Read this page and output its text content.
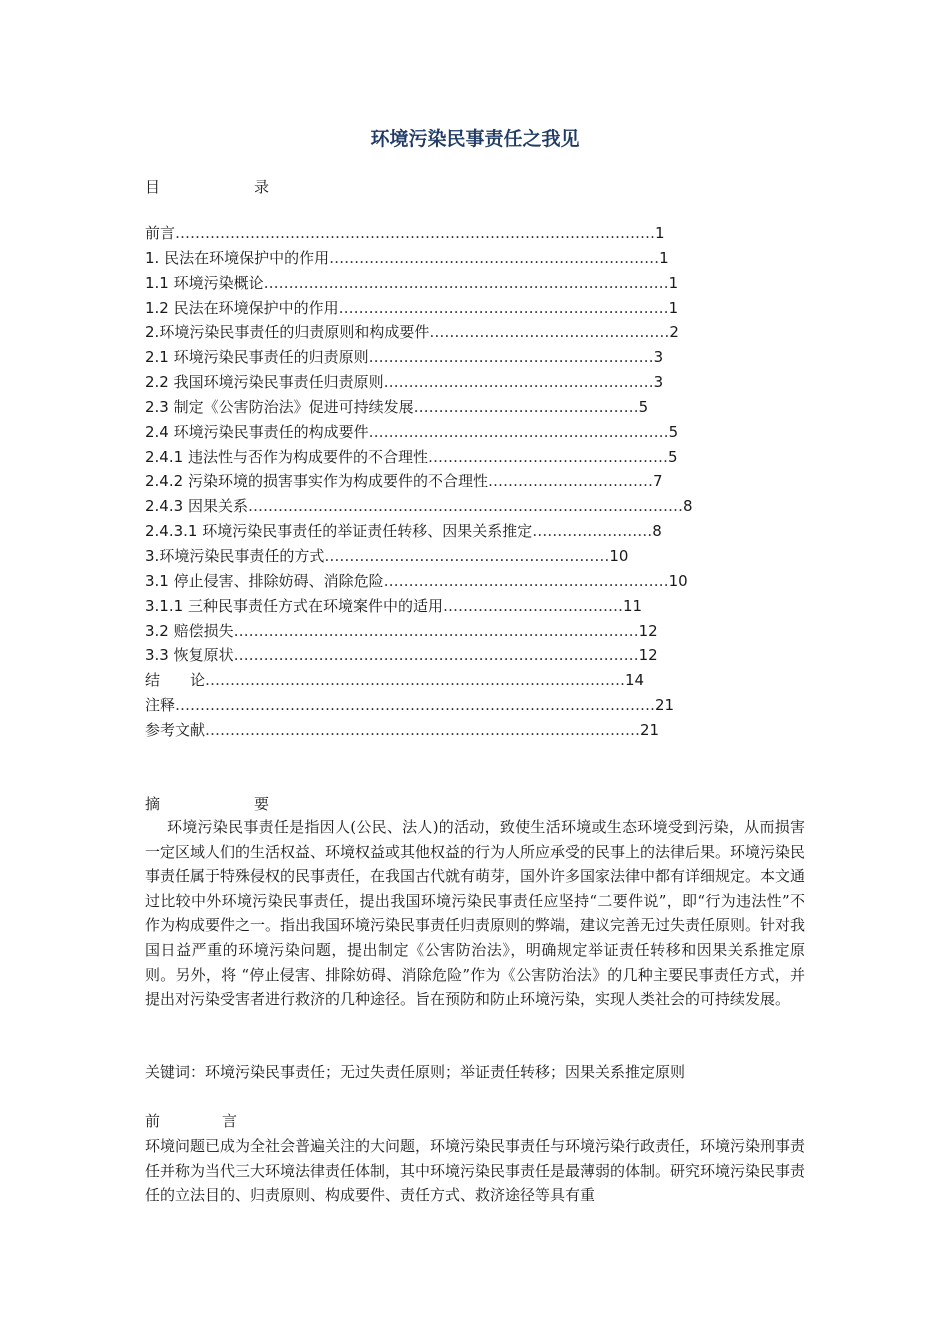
环境污染民事责任之我见
目	录
前言……………………………………………………………………………………1
1. 民法在环境保护中的作用…………………………………………………………1
1.1 环境污染概论………………………………………………………………………1
1.2 民法在环境保护中的作用…………………………………………………………1
2.环境污染民事责任的归责原则和构成要件…………………………………………2
2.1 环境污染民事责任的归责原则…………………………………………………3
2.2 我国环境污染民事责任归责原则………………………………………………3
2.3 制定《公害防治法》促进可持续发展………………………………………5
2.4 环境污染民事责任的构成要件……………………………………………………5
2.4.1 违法性与否作为构成要件的不合理性…………………………………………5
2.4.2 污染环境的损害事实作为构成要件的不合理性……………………………7
2.4.3 因果关系……………………………………………………………………………8
2.4.3.1 环境污染民事责任的举证责任转移、因果关系推定……………………8
3.环境污染民事责任的方式…………………………………………………10
3.1 停止侵害、排除妨碍、消除危险…………………………………………………10
3.1.1 三种民事责任方式在环境案件中的适用………………………………11
3.2 赔偿损失………………………………………………………………………12
3.3 恢复原状………………………………………………………………………12
结　　论…………………………………………………………………………14
注释……………………………………………………………………………………21
参考文献……………………………………………………………………………21
摘	要

环境污染民事责任是指因人(公民、法人)的活动，致使生活环境或生态环境受到污染，从而损害一定区域人们的生活权益、环境权益或其他权益的行为人所应承受的民事上的法律后果。环境污染民事责任属于特殊侵权的民事责任，在我国古代就有萌芽，国外许多国家法律中都有详细规定。本文通过比较中外环境污染民事责任，提出我国环境污染民事责任应坚持“二要件说”，即“行为违法性”不作为构成要件之一。指出我国环境污染民事责任归责原则的弊端，建议完善无过失责任原则。针对我国日益严重的环境污染问题，提出制定《公害防治法》，明确规定举证责任转移和因果关系推定原则。另外，将 “停止侵害、排除妨碍、消除危险”作为《公害防治法》的几种主要民事责任方式，并提出对污染受害者进行救济的几种途径。旨在预防和防止环境污染，实现人类社会的可持续发展。

关键词：环境污染民事责任；无过失责任原则；举证责任转移；因果关系推定原则
前	言

环境问题已成为全社会普遍关注的大问题，环境污染民事责任与环境污染行政责任，环境污染刑事责任并称为当代三大环境法律责任体制，其中环境污染民事责任是最薄弱的体制。研究环境污染民事责任的立法目的、归责原则、构成要件、责任方式、救济途径等具有重
